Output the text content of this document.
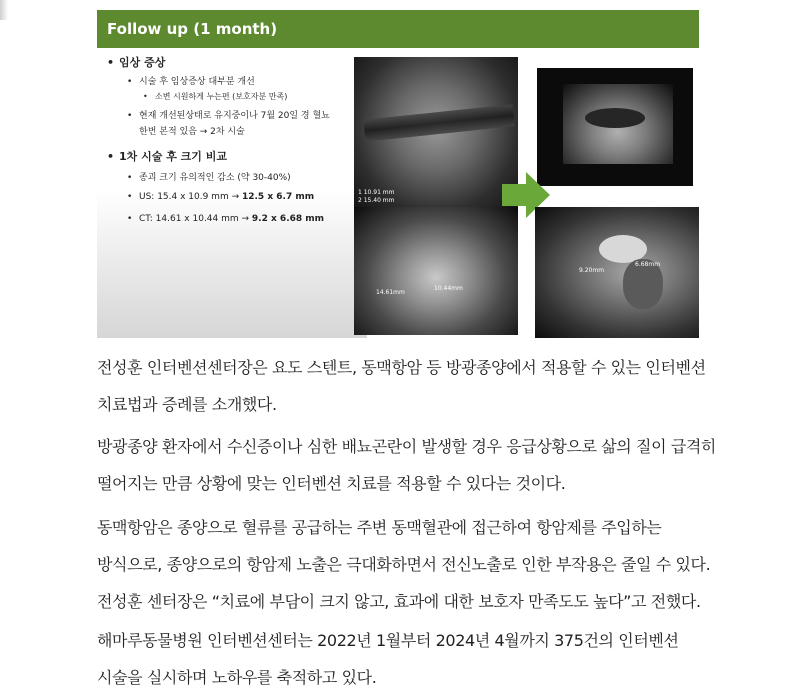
Follow up (1 month)
• 임상 증상
• 시술 후 임상증상 대부분 개선
• 소변 시원하게 누는편 (보호자분 만족)
• 현재 개선된상태로 유지중이나 7월 20일 경 혈뇨
한번 본적 있음 → 2차 시술
• 1차 시술 후 크기 비교
• 종괴 크기 유의적인 감소 (약 30-40%)
• US: 15.4 x 10.9 mm → 12.5 x 6.7 mm
• CT: 14.61 x 10.44 mm → 9.2 x 6.68 mm
1 10.91 mm
2 15.40 mm
14.61mm
10.44mm
9.20mm
6.68mm
전성훈 인터벤션센터장은 요도 스텐트, 동맥항암 등 방광종양에서 적용할 수 있는 인터벤션
치료법과 증례를 소개했다.
방광종양 환자에서 수신증이나 심한 배뇨곤란이 발생할 경우 응급상황으로 삶의 질이 급격히
떨어지는 만큼 상황에 맞는 인터벤션 치료를 적용할 수 있다는 것이다.
동맥항암은 종양으로 혈류를 공급하는 주변 동맥혈관에 접근하여 항암제를 주입하는
방식으로, 종양으로의 항암제 노출은 극대화하면서 전신노출로 인한 부작용은 줄일 수 있다.
전성훈 센터장은 “치료에 부담이 크지 않고, 효과에 대한 보호자 만족도도 높다”고 전했다.
해마루동물병원 인터벤션센터는 2022년 1월부터 2024년 4월까지 375건의 인터벤션
시술을 실시하며 노하우를 축적하고 있다.
